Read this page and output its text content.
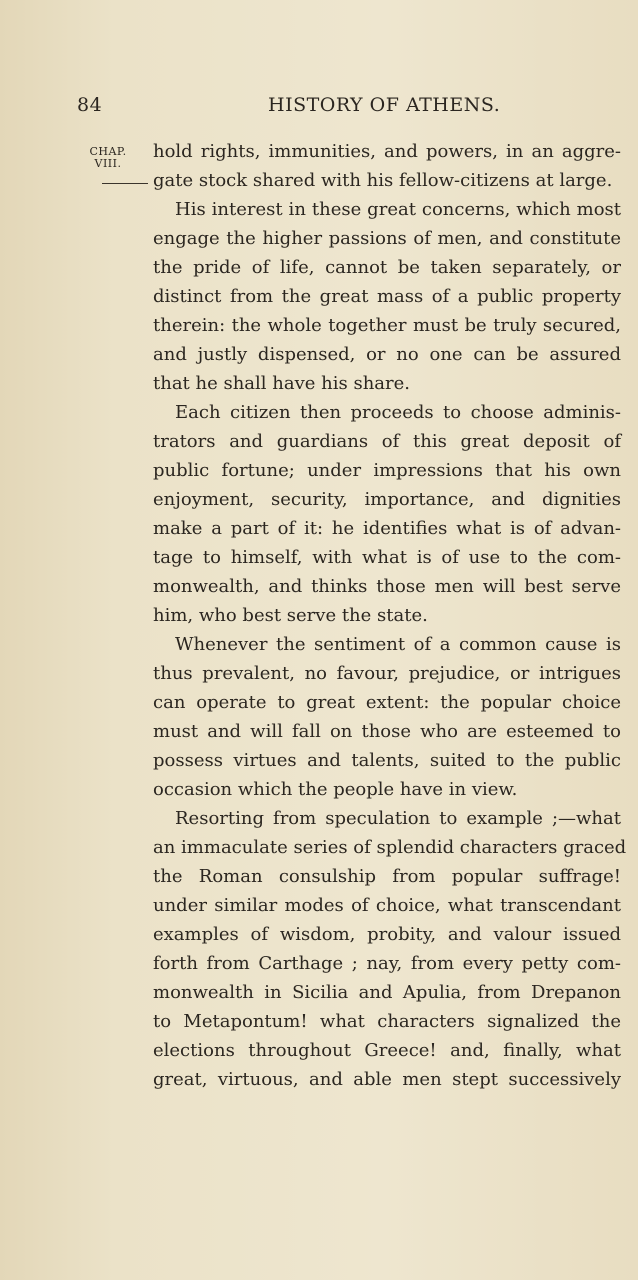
84	HISTORY OF ATHENS.
CHAP.
VIII.
hold rights, immunities, and powers, in an aggre-
gate stock shared with his fellow-citizens at large.
His interest in these great concerns, which most
engage the higher passions of men, and constitute
the pride of life, cannot be taken separately, or
distinct from the great mass of a public property
therein: the whole together must be truly secured,
and justly dispensed, or no one can be assured
that he shall have his share.
Each citizen then proceeds to choose adminis-
trators and guardians of this great deposit of
public fortune; under impressions that his own
enjoyment, security, importance, and dignities
make a part of it: he identifies what is of advan-
tage to himself, with what is of use to the com-
monwealth, and thinks those men will best serve
him, who best serve the state.
Whenever the sentiment of a common cause is
thus prevalent, no favour, prejudice, or intrigues
can operate to great extent: the popular choice
must and will fall on those who are esteemed to
possess virtues and talents, suited to the public
occasion which the people have in view.
Resorting from speculation to example ;—what
an immaculate series of splendid characters graced
the Roman consulship from popular suffrage!
under similar modes of choice, what transcendant
examples of wisdom, probity, and valour issued
forth from Carthage ; nay, from every petty com-
monwealth in Sicilia and Apulia, from Drepanon
to Metapontum! what characters signalized the
elections throughout Greece! and, finally, what
great, virtuous, and able men stept successively
